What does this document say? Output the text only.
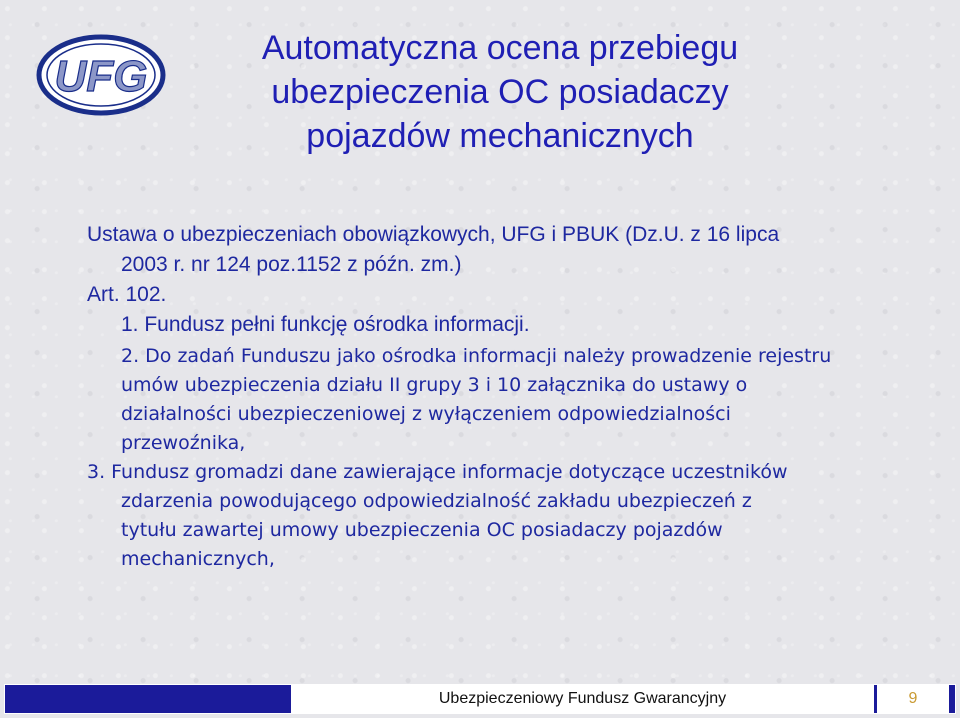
UFG
Automatyczna ocena przebiegu
ubezpieczenia OC posiadaczy
pojazdów mechanicznych
Ustawa o ubezpieczeniach obowiązkowych, UFG i PBUK (Dz.U. z 16 lipca
2003 r. nr 124 poz.1152 z późn. zm.)
Art. 102.
1. Fundusz pełni funkcję ośrodka informacji.
2. Do zadań Funduszu jako ośrodka informacji należy prowadzenie rejestru
umów ubezpieczenia działu II grupy 3 i 10 załącznika do ustawy o
działalności ubezpieczeniowej z wyłączeniem odpowiedzialności
przewoźnika,
3. Fundusz gromadzi dane zawierające informacje dotyczące uczestników
zdarzenia powodującego odpowiedzialność zakładu ubezpieczeń z
tytułu zawartej umowy ubezpieczenia OC posiadaczy pojazdów
mechanicznych,
Ubezpieczeniowy Fundusz Gwarancyjny	9
